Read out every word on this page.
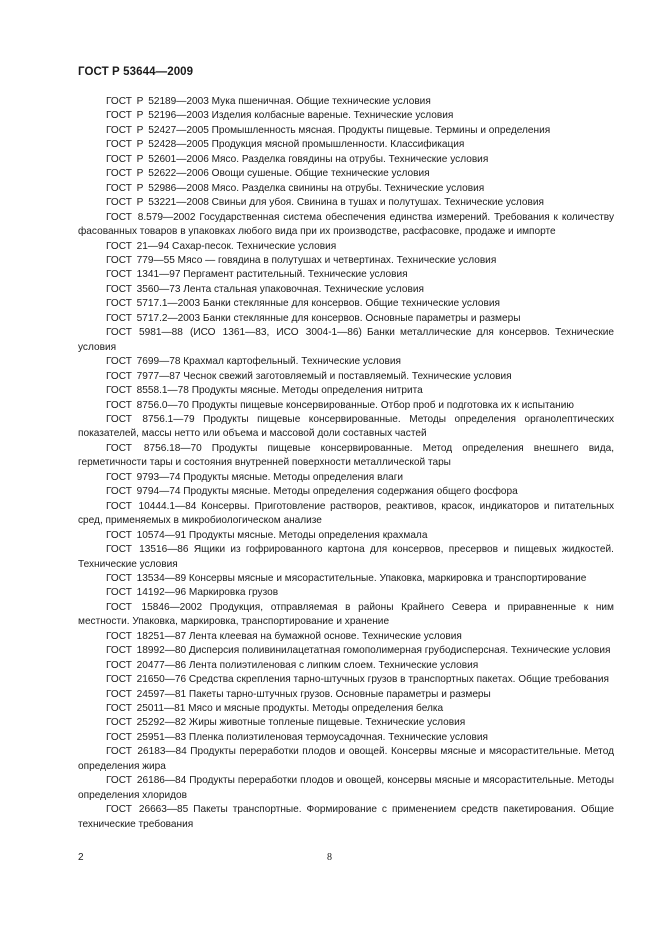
ГОСТ Р 53644—2009

ГОСТ Р 52189—2003 Мука пшеничная. Общие технические условия

ГОСТ Р 52196—2003 Изделия колбасные вареные. Технические условия

ГОСТ Р 52427—2005 Промышленность мясная. Продукты пищевые. Термины и определения

ГОСТ Р 52428—2005 Продукция мясной промышленности. Классификация

ГОСТ Р 52601—2006 Мясо. Разделка говядины на отрубы. Технические условия

ГОСТ Р 52622—2006 Овощи сушеные. Общие технические условия

ГОСТ Р 52986—2008 Мясо. Разделка свинины на отрубы. Технические условия

ГОСТ Р 53221—2008 Свиньи для убоя. Свинина в тушах и полутушах. Технические условия

ГОСТ 8.579—2002 Государственная система обеспечения единства измерений. Требования к количеству фасованных товаров в упаковках любого вида при их производстве, расфасовке, продаже и импорте

ГОСТ 21—94 Сахар-песок. Технические условия

ГОСТ 779—55 Мясо — говядина в полутушах и четвертинах. Технические условия

ГОСТ 1341—97 Пергамент растительный. Технические условия

ГОСТ 3560—73 Лента стальная упаковочная. Технические условия

ГОСТ 5717.1—2003 Банки стеклянные для консервов. Общие технические условия

ГОСТ 5717.2—2003 Банки стеклянные для консервов. Основные параметры и размеры

ГОСТ 5981—88 (ИСО 1361—83, ИСО 3004-1—86) Банки металлические для консервов. Технические условия

ГОСТ 7699—78 Крахмал картофельный. Технические условия

ГОСТ 7977—87 Чеснок свежий заготовляемый и поставляемый. Технические условия

ГОСТ 8558.1—78 Продукты мясные. Методы определения нитрита

ГОСТ 8756.0—70 Продукты пищевые консервированные. Отбор проб и подготовка их к испытанию

ГОСТ 8756.1—79 Продукты пищевые консервированные. Методы определения органолептических показателей, массы нетто или объема и массовой доли составных частей

ГОСТ 8756.18—70 Продукты пищевые консервированные. Метод определения внешнего вида, герметичности тары и состояния внутренней поверхности металлической тары

ГОСТ 9793—74 Продукты мясные. Методы определения влаги

ГОСТ 9794—74 Продукты мясные. Методы определения содержания общего фосфора

ГОСТ 10444.1—84 Консервы. Приготовление растворов, реактивов, красок, индикаторов и питательных сред, применяемых в микробиологическом анализе

ГОСТ 10574—91 Продукты мясные. Методы определения крахмала

ГОСТ 13516—86 Ящики из гофрированного картона для консервов, пресервов и пищевых жидкостей. Технические условия

ГОСТ 13534—89 Консервы мясные и мясорастительные. Упаковка, маркировка и транспортирование

ГОСТ 14192—96 Маркировка грузов

ГОСТ 15846—2002 Продукция, отправляемая в районы Крайнего Севера и приравненные к ним местности. Упаковка, маркировка, транспортирование и хранение

ГОСТ 18251—87 Лента клеевая на бумажной основе. Технические условия

ГОСТ 18992—80 Дисперсия поливинилацетатная гомополимерная грубодисперсная. Технические условия

ГОСТ 20477—86 Лента полиэтиленовая с липким слоем. Технические условия

ГОСТ 21650—76 Средства скрепления тарно-штучных грузов в транспортных пакетах. Общие требования

ГОСТ 24597—81 Пакеты тарно-штучных грузов. Основные параметры и размеры

ГОСТ 25011—81 Мясо и мясные продукты. Методы определения белка

ГОСТ 25292—82 Жиры животные топленые пищевые. Технические условия

ГОСТ 25951—83 Пленка полиэтиленовая термоусадочная. Технические условия

ГОСТ 26183—84 Продукты переработки плодов и овощей. Консервы мясные и мясорастительные. Метод определения жира

ГОСТ 26186—84 Продукты переработки плодов и овощей, консервы мясные и мясорастительные. Методы определения хлоридов

ГОСТ 26663—85 Пакеты транспортные. Формирование с применением средств пакетирования. Общие технические требования

2	8
